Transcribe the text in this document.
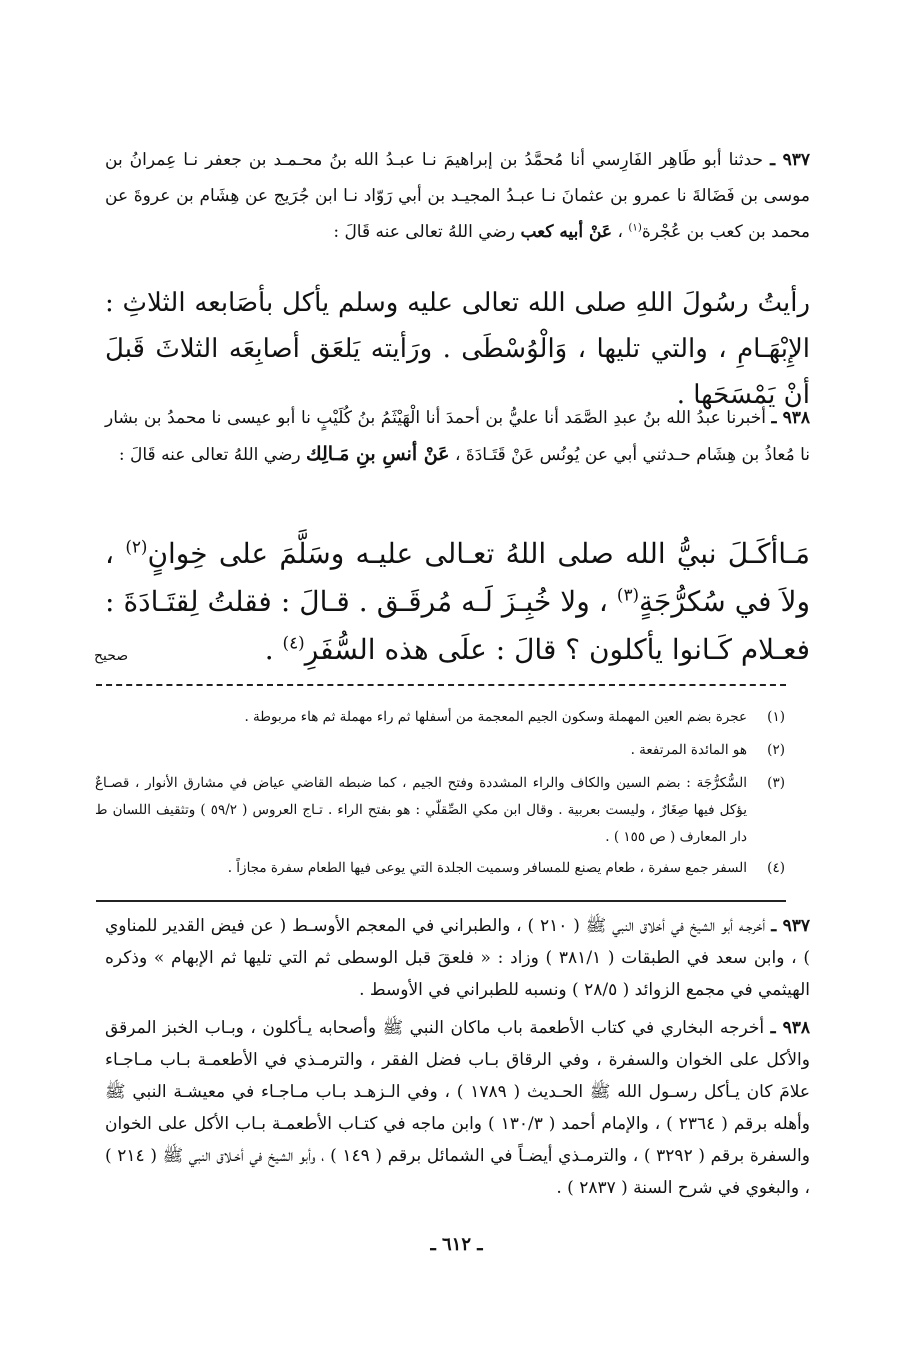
٩٣٧ ـ حدثنا أبو طَاهِر الفَارِسي أنا مُحمَّدُ بن إبراهيمَ نـا عبـدُ الله بنُ محـمـد بن جعفر نـا عِمرانُ بن موسى بن فَضَالةَ نا عمرو بن عثمانَ نـا عبـدُ المجيـد بن أبي رَوّاد نـا ابن جُرَيج عن هِشَام بن عروةَ عن محمد بن كعب بن عُجْرة$^{(١)}$ ، عَنْ أبيه كعب رضي اللهُ تعالى عنه قَالَ :

رأيتُ رسُولَ اللهِ صلى الله تعالى عليه وسلم يأكل بأصَابعه الثلاثِ : الإِبْهَـامِ ، والتي تليها ، وَالْوُسْطَى . ورَأيته يَلعَق أصابِعَه الثلاثَ قَبلَ أنْ يَمْسَحَها .

٩٣٨ ـ أخبرنا عبدُ الله بنُ عبدِ الصَّمَد أنا عليُّ بن أحمدَ أنا الْهَيْثَمُ بنُ كُلَيْبٍ نا أبو عيسى نا محمدُ بن بشار نا مُعاذُ بن هِشَام حـدثني أبي عن يُونُس عَنْ قَتَـادَةَ ، عَنْ أنسِ بنِ مَـالِك رضي اللهُ تعالى عنه قَالَ :

مَـاأكَـلَ نبيُّ الله صلى اللهُ تعـالى عليـه وسَلَّمَ على خِوانٍ$^{(٢)}$ ، ولاَ في سُكرُّجَةٍ$^{(٣)}$ ، ولا خُبِـزَ لَـه مُرقَـق . قـالَ : فقلتُ لِقتَـادَةَ : فعـلام كَـانوا يأكلون ؟ قالَ : علَى هذه السُّفَرِ$^{(٤)}$ .

صحيح
(١)
عجرة بضم العين المهملة وسكون الجيم المعجمة من أسفلها ثم راء مهملة ثم هاء مربوطة .
(٢)
هو المائدة المرتفعة .
(٣)
السُّكرُّجَة : بضم السين والكاف والراء المشددة وفتح الجيم ، كما ضبطه القاضي عياض في مشارق الأنوار ، قصـاعٌ يؤكل فيها صِغَارٌ ، وليست بعربية . وقال ابن مكي الصِّقلّي : هو بفتح الراء . تـاج العروس ( ٥٩/٢ ) وتثقيف اللسان ط دار المعارف ( ص ١٥٥ ) .
(٤)
السفر جمع سفرة ، طعام يصنع للمسافر وسميت الجلدة التي يوعى فيها الطعام سفرة مجازاً .

٩٣٧ ـ أخرجـه أبو الشيخ في أخلاق النبي ﷺ ( ٢١٠ ) ، والطبراني في المعجم الأوسـط ( عن فيض القدير للمناوي ) ، وابن سعد في الطبقات ( ٣٨١/١ ) وزاد : « فلعقَ قبل الوسطى ثم التي تليها ثم الإبهام » وذكره الهيثمي في مجمع الزوائد ( ٢٨/٥ ) ونسبه للطبراني في الأوسط .

٩٣٨ ـ أخرجه البخاري في كتاب الأطعمة باب ماكان النبي ﷺ وأصحابه يـأكلون ، وبـاب الخبز المرقق والأكل على الخوان والسفرة ، وفي الرقاق بـاب فضل الفقر ، والترمـذي في الأطعمـة بـاب مـاجـاء علامَ كان يـأكل رسـول الله ﷺ الحـديث ( ١٧٨٩ ) ، وفي الـزهـد بـاب مـاجـاء في معيشـة النبي ﷺ وأهله برقم ( ٢٣٦٤ ) ، والإمام أحمد ( ١٣٠/٣ ) وابن ماجه في كتـاب الأطعمـة بـاب الأكل على الخوان والسفرة برقم ( ٣٢٩٢ ) ، والترمـذي أيضـاً في الشمائل برقم ( ١٤٩ ) ، وأبو الشيخ في أخـلاق النبي ﷺ ( ٢١٤ ) ، والبغوي في شرح السنة ( ٢٨٣٧ ) .

ـ ٦١٢ ـ
